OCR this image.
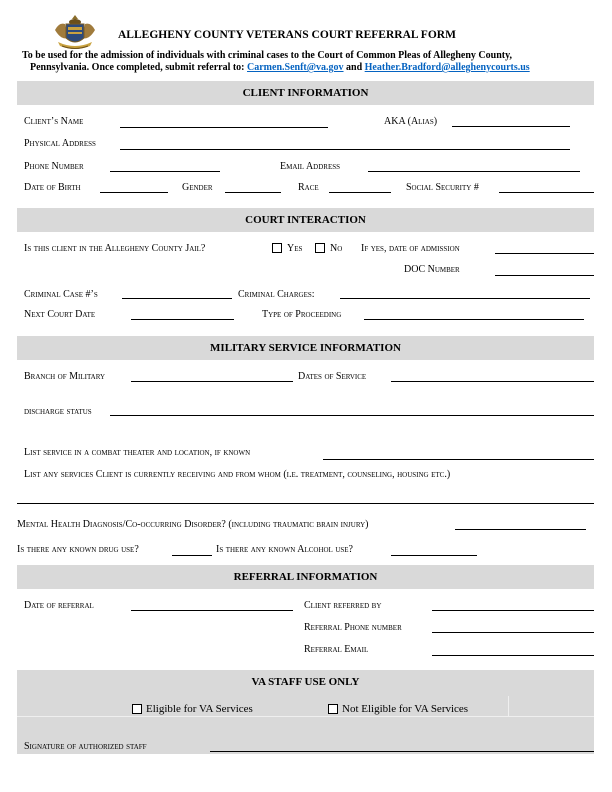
ALLEGHENY COUNTY VETERANS COURT REFERRAL FORM
To be used for the admission of individuals with criminal cases to the Court of Common Pleas of Allegheny County,
Pennsylvania. Once completed, submit referral to: Carmen.Senft@va.gov and Heather.Bradford@alleghenycourts.us
CLIENT INFORMATION
Client’s Name	AKA (Alias)
Physical Address
Phone Number	Email Address
Date of Birth	Gender	Race	Social Security #
COURT INTERACTION
Is this client in the Allegheny County Jail?	Yes	No If yes, date of admission
DOC Number
Criminal Case #’s	Criminal Charges:
Next Court Date	Type of Proceeding
MILITARY SERVICE INFORMATION
Branch of Military	Dates of Service
discharge status
List service in a combat theater and location, if known
List any services Client is currently receiving and from whom (i.e. treatment, counseling, housing etc.)
Mental Health Diagnosis/Co-occurring Disorder? (including traumatic brain injury)
Is there any known drug use?	Is there any known Alcohol use?
REFERRAL INFORMATION
Date of referral	Client referred by
Referral Phone number
Referral Email
VA STAFF USE ONLY
Eligible for VA Services	Not Eligible for VA Services
Signature of authorized staff
